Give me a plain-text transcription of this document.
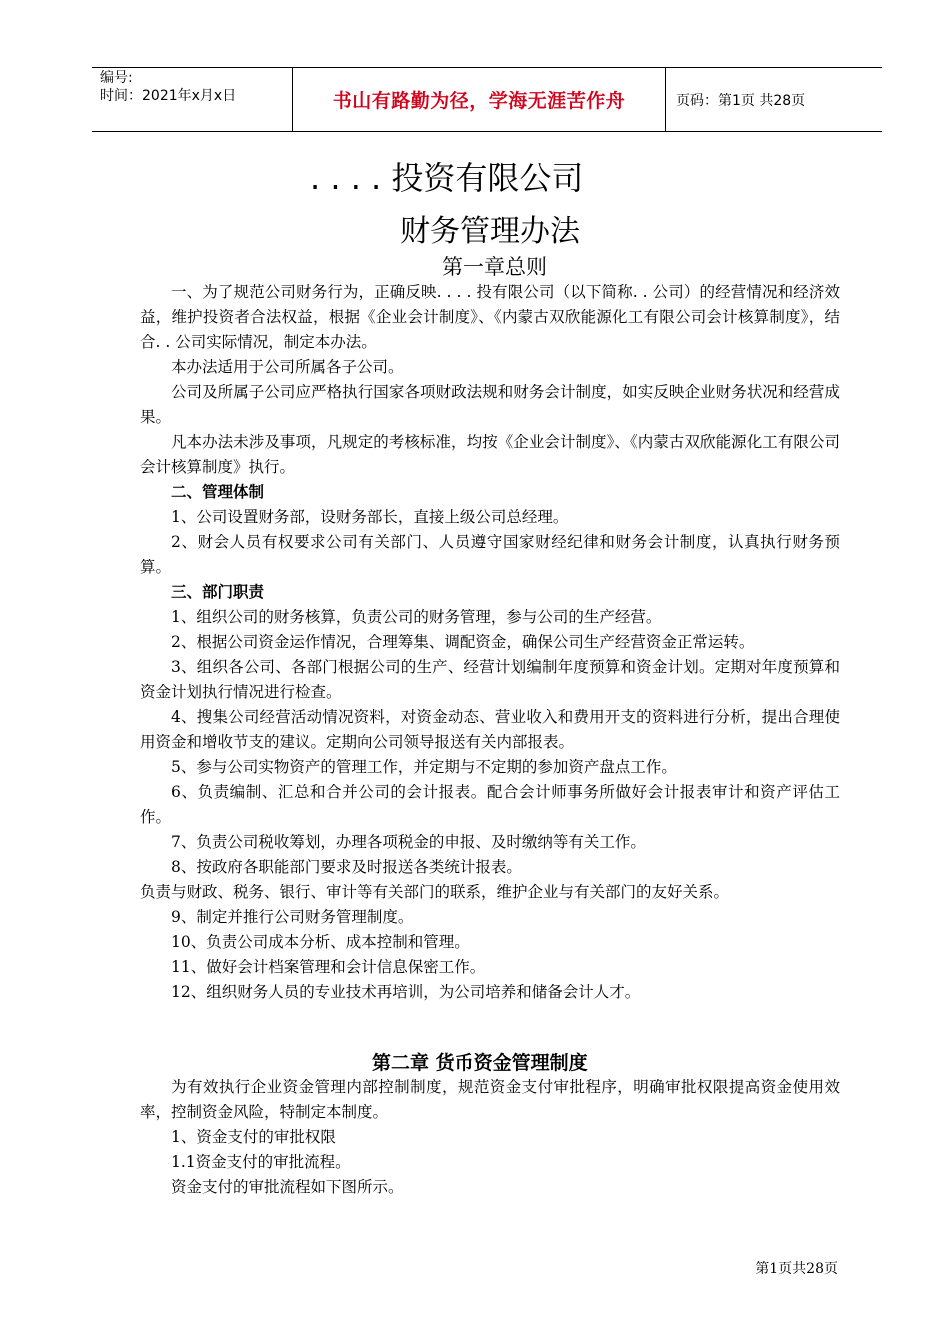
编号:
时间：2021年x月x日	书山有路勤为径，学海无涯苦作舟	页码：第1页 共28页
. . . . 投资有限公司
财务管理办法
第一章总则

一、为了规范公司财务行为，正确反映. . . . 投有限公司（以下简称. . 公司）的经营情况和经济效益，维护投资者合法权益，根据《企业会计制度》、《内蒙古双欣能源化工有限公司会计核算制度》，结合. . 公司实际情况，制定本办法。

本办法适用于公司所属各子公司。

公司及所属子公司应严格执行国家各项财政法规和财务会计制度，如实反映企业财务状况和经营成果。

凡本办法未涉及事项，凡规定的考核标准，均按《企业会计制度》、《内蒙古双欣能源化工有限公司会计核算制度》执行。

二、管理体制

1、公司设置财务部，设财务部长，直接上级公司总经理。

2、财会人员有权要求公司有关部门、人员遵守国家财经纪律和财务会计制度，认真执行财务预算。

三、部门职责

1、组织公司的财务核算，负责公司的财务管理，参与公司的生产经营。

2、根据公司资金运作情况，合理筹集、调配资金，确保公司生产经营资金正常运转。

3、组织各公司、各部门根据公司的生产、经营计划编制年度预算和资金计划。定期对年度预算和资金计划执行情况进行检查。

4、搜集公司经营活动情况资料，对资金动态、营业收入和费用开支的资料进行分析，提出合理使用资金和增收节支的建议。定期向公司领导报送有关内部报表。

5、参与公司实物资产的管理工作，并定期与不定期的参加资产盘点工作。

6、负责编制、汇总和合并公司的会计报表。配合会计师事务所做好会计报表审计和资产评估工作。

7、负责公司税收筹划，办理各项税金的申报、及时缴纳等有关工作。

8、按政府各职能部门要求及时报送各类统计报表。

负责与财政、税务、银行、审计等有关部门的联系，维护企业与有关部门的友好关系。

9、制定并推行公司财务管理制度。

10、负责公司成本分析、成本控制和管理。

11、做好会计档案管理和会计信息保密工作。

12、组织财务人员的专业技术再培训，为公司培养和储备会计人才。

第二章 货币资金管理制度

为有效执行企业资金管理内部控制制度，规范资金支付审批程序，明确审批权限提高资金使用效率，控制资金风险，特制定本制度。

1、资金支付的审批权限

1.1资金支付的审批流程。

资金支付的审批流程如下图所示。

第1页共28页
